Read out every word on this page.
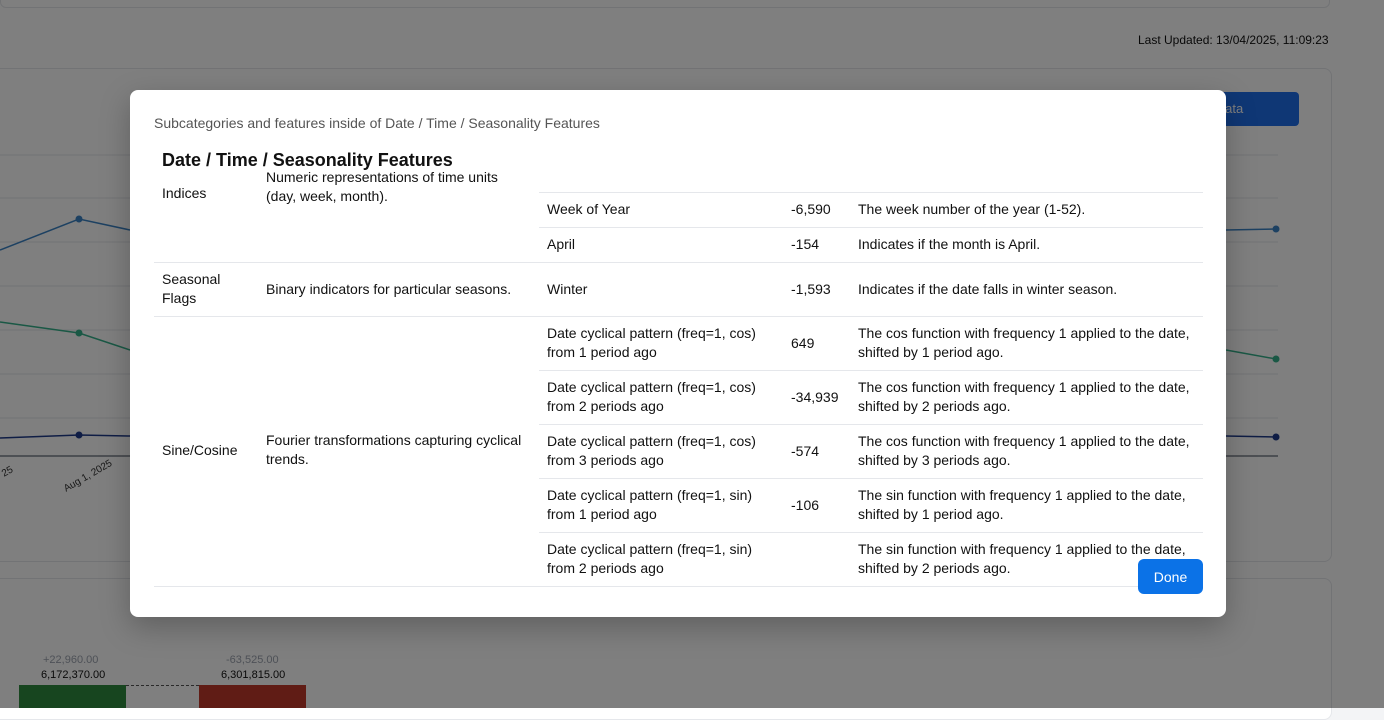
Subcategories and features inside of Date / Time / Seasonality Features
Date / Time / Seasonality Features
Indices	Numeric representations of time units (day, week, month).			
		Week of Year	-6,590	The week number of the year (1-52).
		April	-154	Indicates if the month is April.
Seasonal Flags	Binary indicators for particular seasons.	Winter	-1,593	Indicates if the date falls in winter season.
Sine/Cosine	Fourier transformations capturing cyclical trends.	Date cyclical pattern (freq=1, cos) from 1 period ago	649	The cos function with frequency 1 applied to the date, shifted by 1 period ago.
		Date cyclical pattern (freq=1, cos) from 2 periods ago	-34,939	The cos function with frequency 1 applied to the date, shifted by 2 periods ago.
		Date cyclical pattern (freq=1, cos) from 3 periods ago	-574	The cos function with frequency 1 applied to the date, shifted by 3 periods ago.
		Date cyclical pattern (freq=1, sin) from 1 period ago	-106	The sin function with frequency 1 applied to the date, shifted by 1 period ago.
		Date cyclical pattern (freq=1, sin) from 2 periods ago		The sin function with frequency 1 applied to the date, shifted by 2 periods ago.
Done
